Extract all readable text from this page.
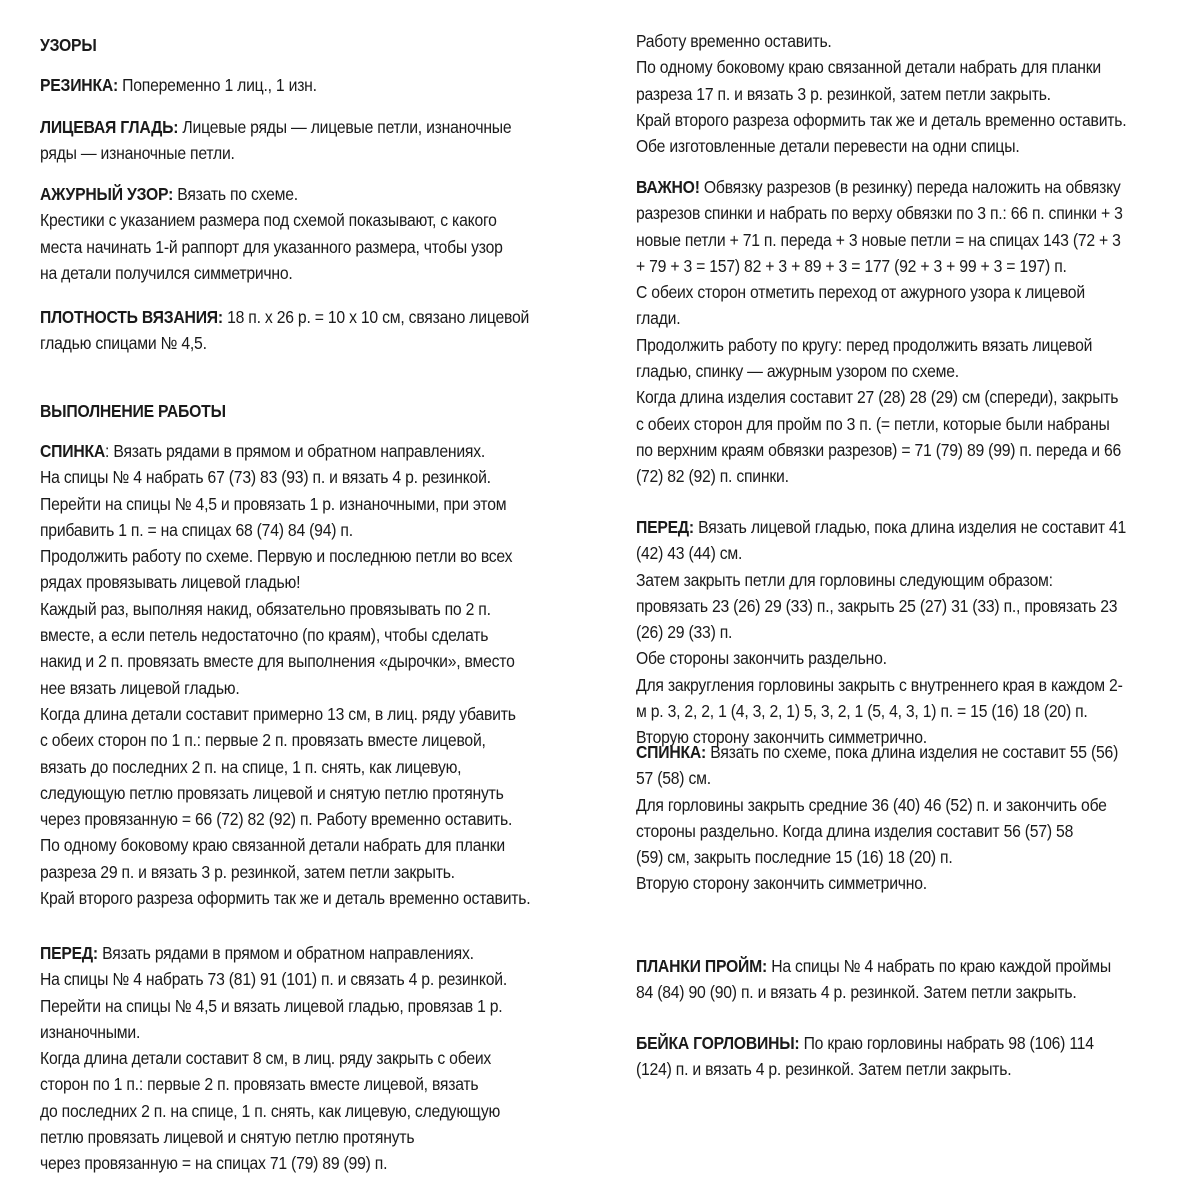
УЗОРЫ
РЕЗИНКА: Попеременно 1 лиц., 1 изн.
ЛИЦЕВАЯ ГЛАДЬ: Лицевые ряды — лицевые петли, изнаночные
ряды — изнаночные петли.
АЖУРНЫЙ УЗОР: Вязать по схеме.
Крестики с указанием размера под схемой показывают, с какого
места начинать 1-й раппорт для указанного размера, чтобы узор
на детали получился симметрично.
ПЛОТНОСТЬ ВЯЗАНИЯ: 18 п. х 26 р. = 10 х 10 см, связано лицевой
гладью спицами № 4,5.
ВЫПОЛНЕНИЕ РАБОТЫ
СПИНКА: Вязать рядами в прямом и обратном направлениях.
На спицы № 4 набрать 67 (73) 83 (93) п. и вязать 4 р. резинкой.
Перейти на спицы № 4,5 и провязать 1 р. изнаночными, при этом
прибавить 1 п. = на спицах 68 (74) 84 (94) п.
Продолжить работу по схеме. Первую и последнюю петли во всех
рядах провязывать лицевой гладью!
Каждый раз, выполняя накид, обязательно провязывать по 2 п.
вместе, а если петель недостаточно (по краям), чтобы сделать
накид и 2 п. провязать вместе для выполнения «дырочки», вместо
нее вязать лицевой гладью.
Когда длина детали составит примерно 13 см, в лиц. ряду убавить
с обеих сторон по 1 п.: первые 2 п. провязать вместе лицевой,
вязать до последних 2 п. на спице, 1 п. снять, как лицевую,
следующую петлю провязать лицевой и снятую петлю протянуть
через провязанную = 66 (72) 82 (92) п. Работу временно оставить.
По одному боковому краю связанной детали набрать для планки
разреза 29 п. и вязать 3 р. резинкой, затем петли закрыть.
Край второго разреза оформить так же и деталь временно оставить.
ПЕРЕД: Вязать рядами в прямом и обратном направлениях.
На спицы № 4 набрать 73 (81) 91 (101) п. и связать 4 р. резинкой.
Перейти на спицы № 4,5 и вязать лицевой гладью, провязав 1 р.
изнаночными.
Когда длина детали составит 8 см, в лиц. ряду закрыть с обеих
сторон по 1 п.: первые 2 п. провязать вместе лицевой, вязать
до последних 2 п. на спице, 1 п. снять, как лицевую, следующую
петлю провязать лицевой и снятую петлю протянуть
через провязанную = на спицах 71 (79) 89 (99) п.
Работу временно оставить.
По одному боковому краю связанной детали набрать для планки
разреза 17 п. и вязать 3 р. резинкой, затем петли закрыть.
Край второго разреза оформить так же и деталь временно оставить.
Обе изготовленные детали перевести на одни спицы.
ВАЖНО! Обвязку разрезов (в резинку) переда наложить на обвязку
разрезов спинки и набрать по верху обвязки по 3 п.: 66 п. спинки + 3
новые петли + 71 п. переда + 3 новые петли = на спицах 143 (72 + 3
+ 79 + 3 = 157) 82 + 3 + 89 + 3 = 177 (92 + 3 + 99 + 3 = 197) п.
С обеих сторон отметить переход от ажурного узора к лицевой
глади.
Продолжить работу по кругу: перед продолжить вязать лицевой
гладью, спинку — ажурным узором по схеме.
Когда длина изделия составит 27 (28) 28 (29) см (спереди), закрыть
с обеих сторон для пройм по 3 п. (= петли, которые были набраны
по верхним краям обвязки разрезов) = 71 (79) 89 (99) п. переда и 66
(72) 82 (92) п. спинки.
ПЕРЕД: Вязать лицевой гладью, пока длина изделия не составит 41
(42) 43 (44) см.
Затем закрыть петли для горловины следующим образом:
провязать 23 (26) 29 (33) п., закрыть 25 (27) 31 (33) п., провязать 23
(26) 29 (33) п.
Обе стороны закончить раздельно.
Для закругления горловины закрыть с внутреннего края в каждом 2-
м р. 3, 2, 2, 1 (4, 3, 2, 1) 5, 3, 2, 1 (5, 4, 3, 1) п. = 15 (16) 18 (20) п.
Вторую сторону закончить симметрично.
СПИНКА: Вязать по схеме, пока длина изделия не составит 55 (56)
57 (58) см.
Для горловины закрыть средние 36 (40) 46 (52) п. и закончить обе
стороны раздельно. Когда длина изделия составит 56 (57) 58
(59) см, закрыть последние 15 (16) 18 (20) п.
Вторую сторону закончить симметрично.
ПЛАНКИ ПРОЙМ: На спицы № 4 набрать по краю каждой проймы
84 (84) 90 (90) п. и вязать 4 р. резинкой. Затем петли закрыть.
БЕЙКА ГОРЛОВИНЫ: По краю горловины набрать 98 (106) 114
(124) п. и вязать 4 р. резинкой. Затем петли закрыть.
